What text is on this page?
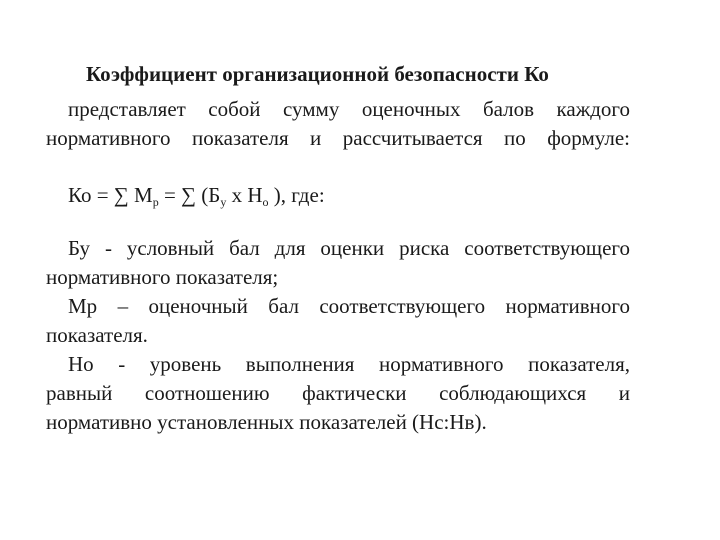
Коэффициент организационной безопасности Ко
представляет собой сумму оценочных балов каждого
нормативного показателя и рассчитывается по формуле:
Ко = ∑ $М_р$ = ∑ ($Б_у$ х $Н_о$ ), где:
Бу - условный бал для оценки риска соответствующего
нормативного показателя;
Мр – оценочный бал соответствующего нормативного
показателя.
Но - уровень выполнения нормативного показателя,
равный соотношению фактически соблюдающихся и
нормативно установленных показателей (Нс:Нв).
